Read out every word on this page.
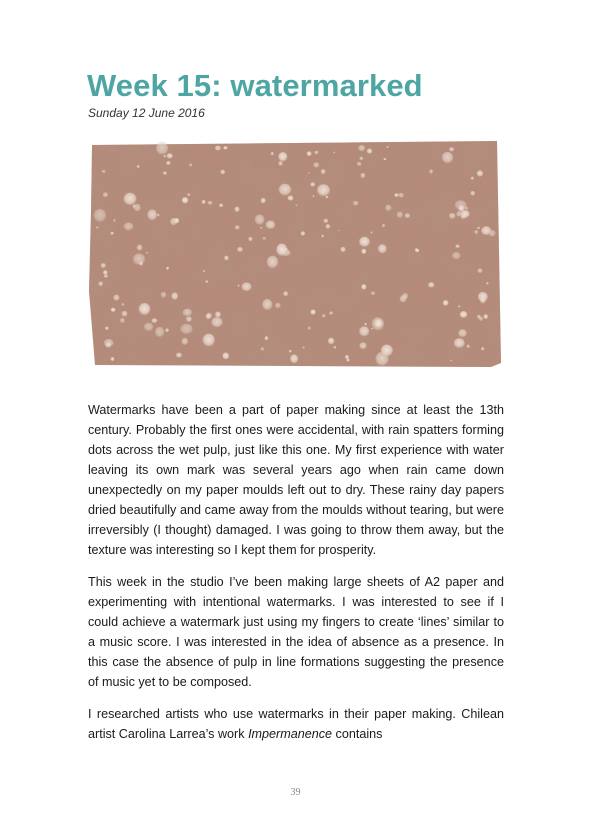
Week 15: watermarked

Sunday 12 June 2016

Watermarks have been a part of paper making since at least the 13th century. Probably the first ones were accidental, with rain spatters forming dots across the wet pulp, just like this one. My first experience with water leaving its own mark was several years ago when rain came down unexpectedly on my paper moulds left out to dry. These rainy day papers dried beautifully and came away from the moulds without tearing, but were irreversibly (I thought) damaged. I was going to throw them away, but the texture was interesting so I kept them for prosperity.

This week in the studio I’ve been making large sheets of A2 paper and experimenting with intentional watermarks. I was interested to see if I could achieve a watermark just using my fingers to create ‘lines’ similar to a music score. I was interested in the idea of absence as a presence. In this case the absence of pulp in line formations suggesting the presence of music yet to be composed.

I researched artists who use watermarks in their paper making. Chilean artist Carolina Larrea’s work Impermanence contains

39
